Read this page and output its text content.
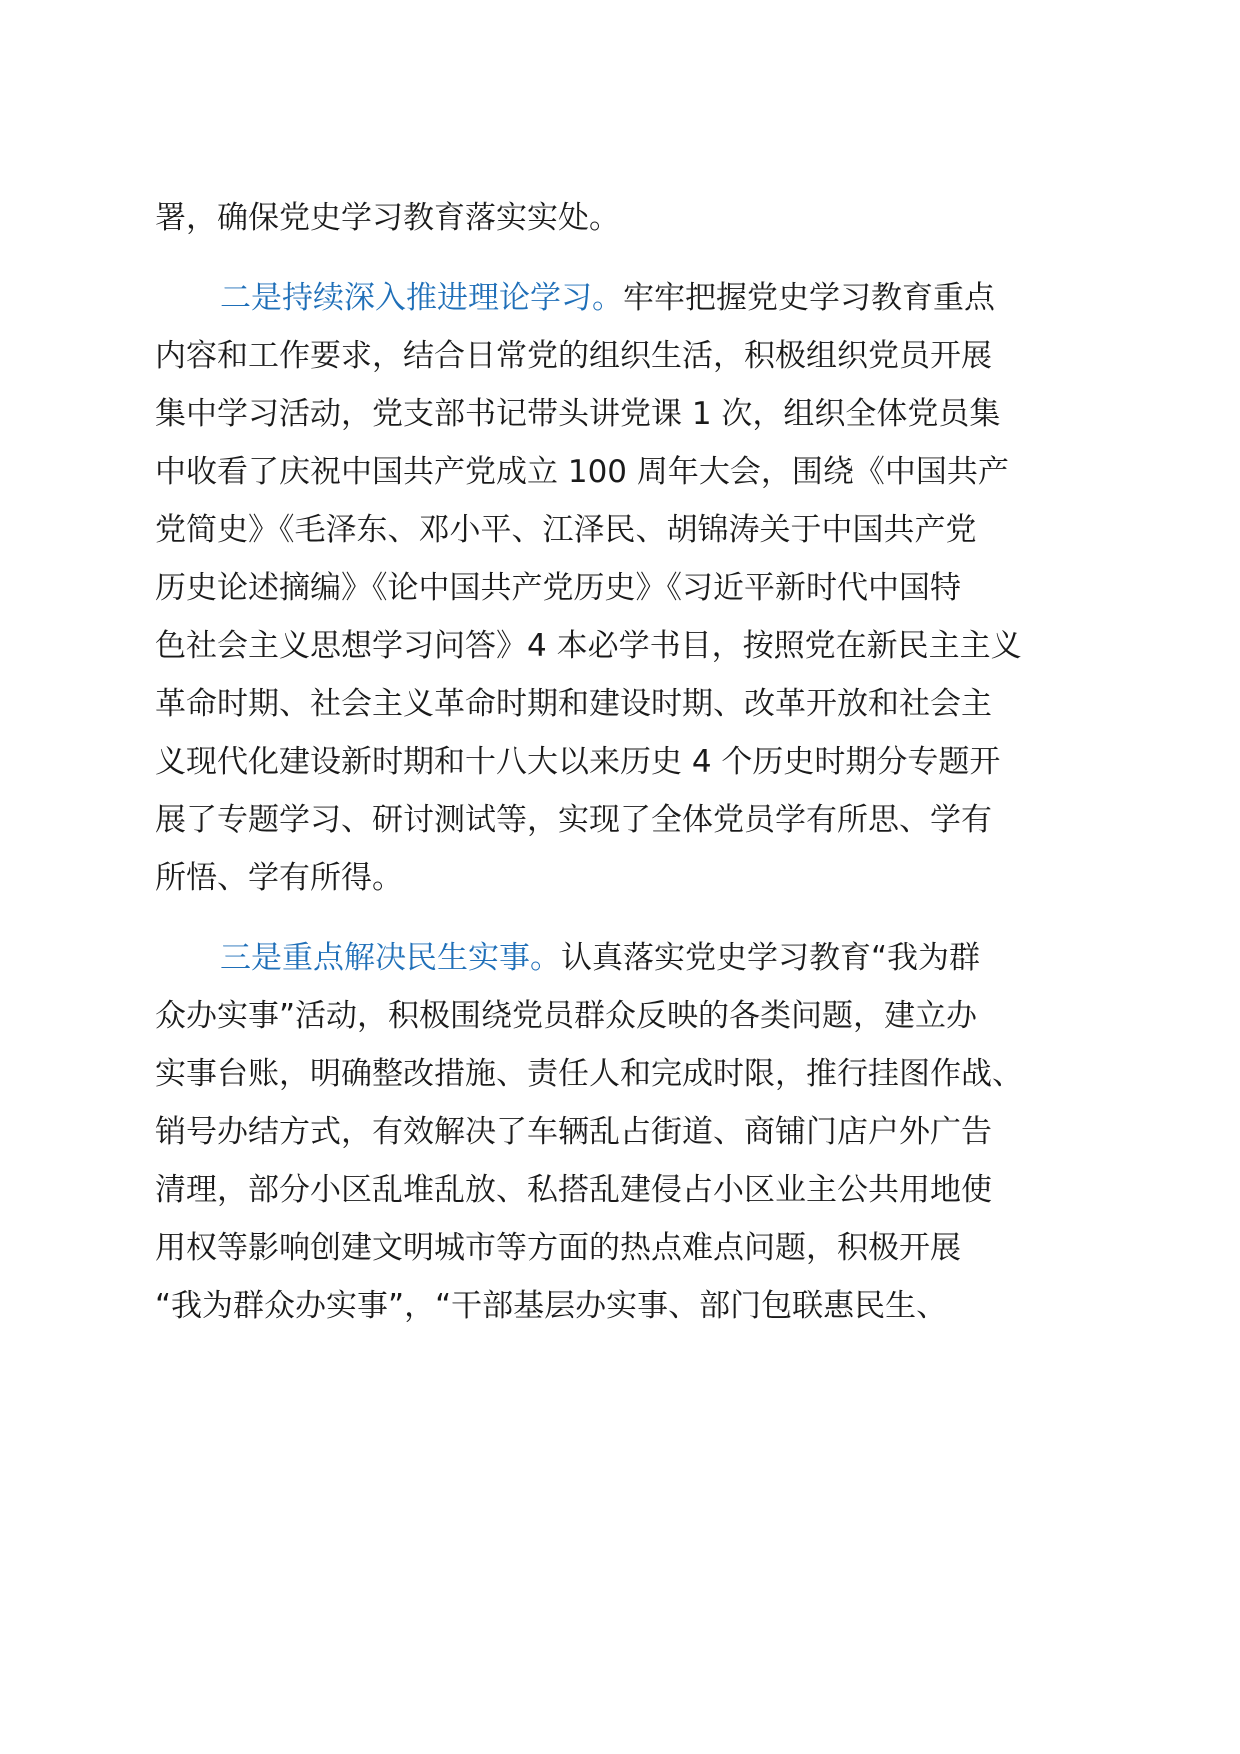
署，确保党史学习教育落实实处。
二是持续深入推进理论学习。牢牢把握党史学习教育重点
内容和工作要求，结合日常党的组织生活，积极组织党员开展
集中学习活动，党支部书记带头讲党课 1 次，组织全体党员集
中收看了庆祝中国共产党成立 100 周年大会，围绕《中国共产
党简史》《毛泽东、邓小平、江泽民、胡锦涛关于中国共产党
历史论述摘编》《论中国共产党历史》《习近平新时代中国特
色社会主义思想学习问答》4 本必学书目，按照党在新民主主义
革命时期、社会主义革命时期和建设时期、改革开放和社会主
义现代化建设新时期和十八大以来历史 4 个历史时期分专题开
展了专题学习、研讨测试等，实现了全体党员学有所思、学有
所悟、学有所得。
三是重点解决民生实事。认真落实党史学习教育“我为群
众办实事”活动，积极围绕党员群众反映的各类问题，建立办
实事台账，明确整改措施、责任人和完成时限，推行挂图作战、
销号办结方式，有效解决了车辆乱占街道、商铺门店户外广告
清理，部分小区乱堆乱放、私搭乱建侵占小区业主公共用地使
用权等影响创建文明城市等方面的热点难点问题，积极开展
“我为群众办实事”，“干部基层办实事、部门包联惠民生、
